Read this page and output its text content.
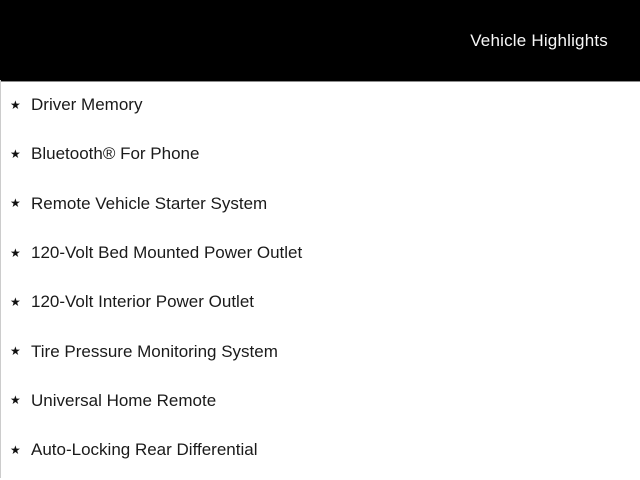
Vehicle Highlights
★ Driver Memory
★ Bluetooth® For Phone
★ Remote Vehicle Starter System
★ 120-Volt Bed Mounted Power Outlet
★ 120-Volt Interior Power Outlet
★ Tire Pressure Monitoring System
★ Universal Home Remote
★ Auto-Locking Rear Differential
